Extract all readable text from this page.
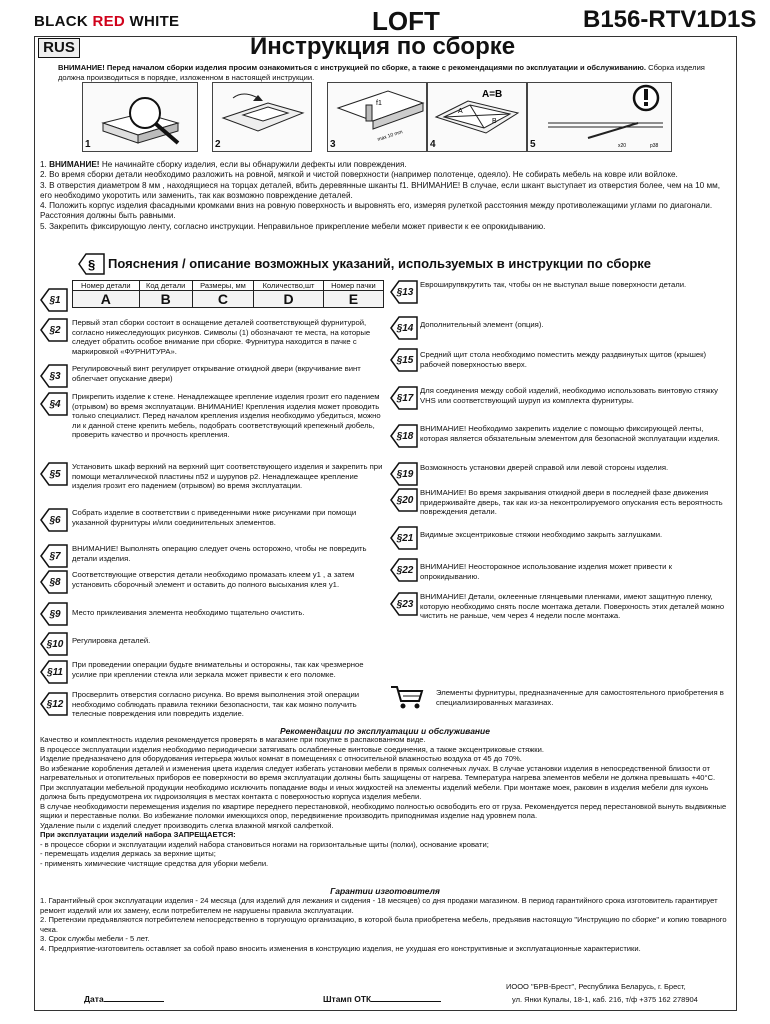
BLACK RED WHITE	LOFT	B156-RTV1D1S
RUS	Инструкция по сборке
ВНИМАНИЕ! Перед началом сборки изделия просим ознакомиться с инструкцией по сборке, а также с рекомендациями по эксплуатации и обслуживанию. Сборка изделия должна производиться в порядке, изложенном в настоящей инструкции.
1	2
f1
max 10 mm
3
A=B
A
B
4	x20	p38
5

1. ВНИМАНИЕ! Не начинайте сборку изделия, если вы обнаружили дефекты или повреждения.

2. Во время сборки детали необходимо разложить на ровной, мягкой и чистой поверхности (например полотенце, одеяло). Не собирать мебель на ковре или войлоке.

3. В отверстия диаметром 8 мм , находящиеся на торцах деталей, вбить деревянные шканты f1. ВНИМАНИЕ! В случае, если шкант выступает из отверстия более, чем на 10 мм, его необходимо укоротить или заменить, так как возможно повреждение деталей.

4. Положить корпус изделия фасадными кромками вниз на ровную поверхность и выровнять его, измеряя рулеткой расстояния между противолежащими углами по диагонали. Расстояния должны быть равными.

5. Закрепить фиксирующую ленту, согласно инструкции. Неправильное прикрепление мебели может привести к ее опрокидыванию.

§ Пояснения / описание возможных указаний, используемых в инструкции по сборке
Номер детали	Код детали	Размеры, мм	Количество,шт	Номер пачки
A	B	C	D	E
§1
§2
Первый этап сборки состоит в оснащение деталей соответствующей фурнитурой, согласно нижеследующих рисунков. Символы (1) обозначают те места, на которые следует обратить особое внимание при сборке. Фурнитура находится в пачке с маркировкой «ФУРНИТУРА».
§3
Регулировочный винт регулирует открывание откидной двери (вкручивание винт облегчает опускание двери)
§4
Прикрепить изделие к стене. Ненадлежащее крепление изделия грозит его падением (отрывом) во время эксплуатации. ВНИМАНИЕ! Крепления изделия может проводить только специалист. Перед началом крепления изделия необходимо убедиться, можно ли к данной стене крепить мебель, подобрать соответствующий крепежный дюбель, проверить качество и прочность крепления.
§5
Установить шкаф верхний на верхний щит соответствующего изделия и закрепить при помощи металлической пластины п52 и шурупов р2. Ненадлежащее крепление изделия грозит его падением (отрывом) во время эксплуатации.
§6
Собрать изделие в соответствии с приведенными ниже рисунками при помощи указанной фурнитуры и/или соединительных элементов.
§7
ВНИМАНИЕ! Выполнять операцию следует очень осторожно, чтобы не повредить детали изделия.
§8
Соответствующие отверстия детали необходимо промазать клеем у1 , а затем установить сборочный элемент и оставить до полного высыхания клея у1.
§9	Место приклеивания элемента необходимо тщательно очистить.
§10	Регулировка деталей.
§11
При проведении операции будьте внимательны и осторожны, так как чрезмерное усилие при креплении стекла или зеркала может привести к его поломке.
§12
Просверлить отверстия согласно рисунка. Во время выполнения этой операции необходимо соблюдать правила техники безопасности, так как можно получить телесные повреждения или повредить изделие.
§13
Евроширупвкрутить так, чтобы он не выступал выше поверхности детали.
§14 Дополнительный элемент (опция).
§15
Средний щит стола необходимо поместить между раздвинутых щитов (крышек) рабочей поверхностью вверх.
§17
Для соединения между собой изделий, необходимо использовать винтовую стяжку VHS или соответствующий шуруп из комплекта фурнитуры.
§18
ВНИМАНИЕ! Необходимо закрепить изделие с помощью фиксирующей ленты, которая является обязательным элементом для безопасной эксплуатации изделия.
§19
Возможность установки дверей справой или левой стороны изделия.
§20
ВНИМАНИЕ! Во время закрывания откидной двери в последней фазе движения придерживайте дверь, так как из-за неконтролируемого опускания есть вероятность повреждения детали.
§21 Видимые эксцентриковые стяжки необходимо закрыть заглушками.
§22 ВНИМАНИЕ! Неосторожное использование изделия может привести к опрокидыванию.
§23
ВНИМАНИЕ! Детали, оклеенные глянцевыми пленками, имеют защитную пленку, которую необходимо снять после монтажа детали. Поверхность этих деталей можно чистить не раньше, чем через 4 недели после монтажа.
Элементы фурнитуры, предназначенные для самостоятельного приобретения в специализированных магазинах.
Рекомендации по эксплуатации и обслуживание

Качество и комплектность изделия рекомендуется проверять в магазине при покупке в распакованном виде.

В процессе эксплуатации изделия необходимо периодически затягивать ослабленные винтовые соединения, а также эксцентриковые стяжки.

Изделие предназначено для оборудования интерьера жилых комнат в помещениях с относительной влажностью воздуха от 45 до 70%.

Во избежание коробления деталей и изменения цвета изделия следует избегать установки мебели в прямых солнечных лучах. В случае установки изделия в непосредственной близости от нагревательных и отопительных приборов ее поверхности во время эксплуатации должны быть защищены от нагрева. Температура нагрева элементов мебели не должна превышать +40°С.

При эксплуатации мебельной продукции необходимо исключить попадание воды и иных жидкостей на элементы изделий мебели. При монтаже моек, раковин в изделия мебели для кухонь должна быть предусмотрена их гидроизоляция в местах контакта с поверхностью корпуса изделия мебели.

В случае необходимости перемещения изделия по квартире переднего перестановкой, необходимо полностью освободить его от груза. Рекомендуется перед перестановкой вынуть выдвижные ящики и переставные полки. Во избежание поломки имеющихся опор, передвижение производить приподнимая изделие над уровнем пола.

Удаление пыли с изделий следует производить слегка влажной мягкой салфеткой.

При эксплуатации изделий набора ЗАПРЕЩАЕТСЯ:

- в процессе сборки и эксплуатации изделий набора становиться ногами на горизонтальные щиты (полки), основание кровати;

- перемещать изделия держась за верхние щиты;

- применять химические чистящие средства для уборки мебели.

Гарантии изготовителя

1. Гарантийный срок эксплуатации изделия - 24 месяца (для изделий для лежания и сидения - 18 месяцев) со дня продажи магазином. В период гарантийного срока изготовитель гарантирует ремонт изделий или их замену, если потребителем не нарушены правила эксплуатации.

2. Претензии предъявляются потребителем непосредственно в торгующую организацию, в которой была приобретена мебель, предъявив настоящую "Инструкцию по сборке" и копию товарного чека.

3. Срок службы мебели - 5 лет.

4. Предприятие-изготовитель оставляет за собой право вносить изменения в конструкцию изделия, не ухудшая его конструктивные и эксплуатационные характеристики.

ИООО "БРВ-Брест", Республика Беларусь, г. Брест,
ул. Янки Купалы, 18-1, каб. 216, т/ф +375 162 278904
Дата	Штамп ОТК
